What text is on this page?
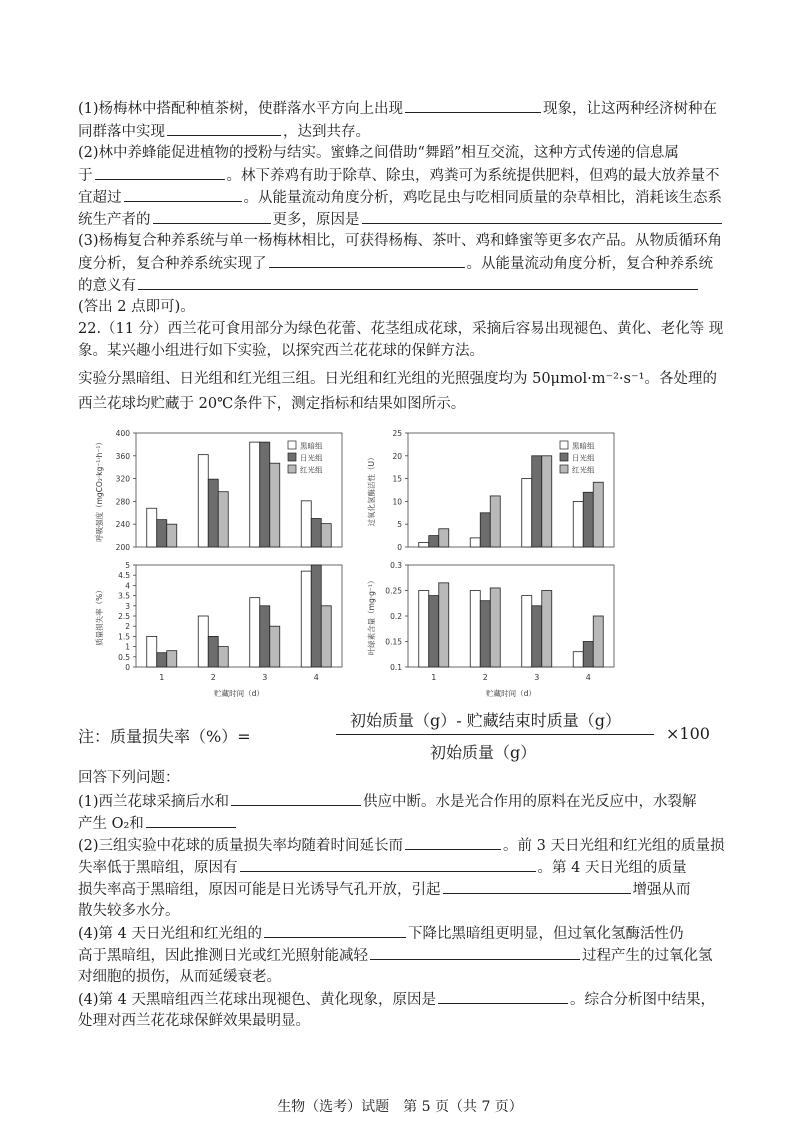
(1)杨梅林中搭配种植茶树，使群落水平方向上出现	现象，让这两种经济树种在
同群落中实现	，达到共存。
(2)林中养蜂能促进植物的授粉与结实。蜜蜂之间借助“舞蹈”相互交流，这种方式传递的信息属
于	。林下养鸡有助于除草、除虫，鸡粪可为系统提供肥料，但鸡的最大放养量不
宜超过	。从能量流动角度分析，鸡吃昆虫与吃相同质量的杂草相比，消耗该生态系
统生产者的	更多，原因是
(3)杨梅复合种养系统与单一杨梅林相比，可获得杨梅、茶叶、鸡和蜂蜜等更多农产品。从物质循环角
度分析，复合种养系统实现了	。从能量流动角度分析，复合种养系统
的意义有
(答出 2 点即可)。
22.（11 分）西兰花可食用部分为绿色花蕾、花茎组成花球，采摘后容易出现褪色、黄化、老化等 现
象。某兴趣小组进行如下实验，以探究西兰花花球的保鲜方法。
实验分黑暗组、日光组和红光组三组。日光组和红光组的光照强度均为 50μmol·m⁻²·s⁻¹。各处理的
西兰花球均贮藏于 20℃条件下，测定指标和结果如图所示。
200
240
280
320
360
400
呼吸强度（mgCO₂·kg⁻¹·h⁻¹）	黑暗组
日光组
红光组
0
5
10
15
20
25
过氧化氢酶活性（U）
黑暗组
日光组
红光组
0
0.5
1
1.5
2
2.5
3
3.5
4
4.5
5
质量损失率（%）
1	2	3	4
贮藏时间（d）
0.1
0.15
0.2
0.25
0.3
叶绿素含量（mg·g⁻¹）
1	2	3	4
贮藏时间（d）
注：质量损失率（%）=
初始质量（g）- 贮藏结束时质量（g）
初始质量（g）
×100
回答下列问题：
(1)西兰花球采摘后水和	供应中断。水是光合作用的原料在光反应中，水裂解
产生 O₂和
(2)三组实验中花球的质量损失率均随着时间延长而	。前 3 天日光组和红光组的质量损
失率低于黑暗组，原因有	。第 4 天日光组的质量
损失率高于黑暗组，原因可能是日光诱导气孔开放，引起	增强从而
散失较多水分。
(4)第 4 天日光组和红光组的	下降比黑暗组更明显，但过氧化氢酶活性仍
高于黑暗组，因此推测日光或红光照射能减轻	过程产生的过氧化氢
对细胞的损伤，从而延缓衰老。
(4)第 4 天黑暗组西兰花球出现褪色、黄化现象，原因是	。综合分析图中结果，
处理对西兰花花球保鲜效果最明显。
生物（选考）试题　第 5 页（共 7 页）
